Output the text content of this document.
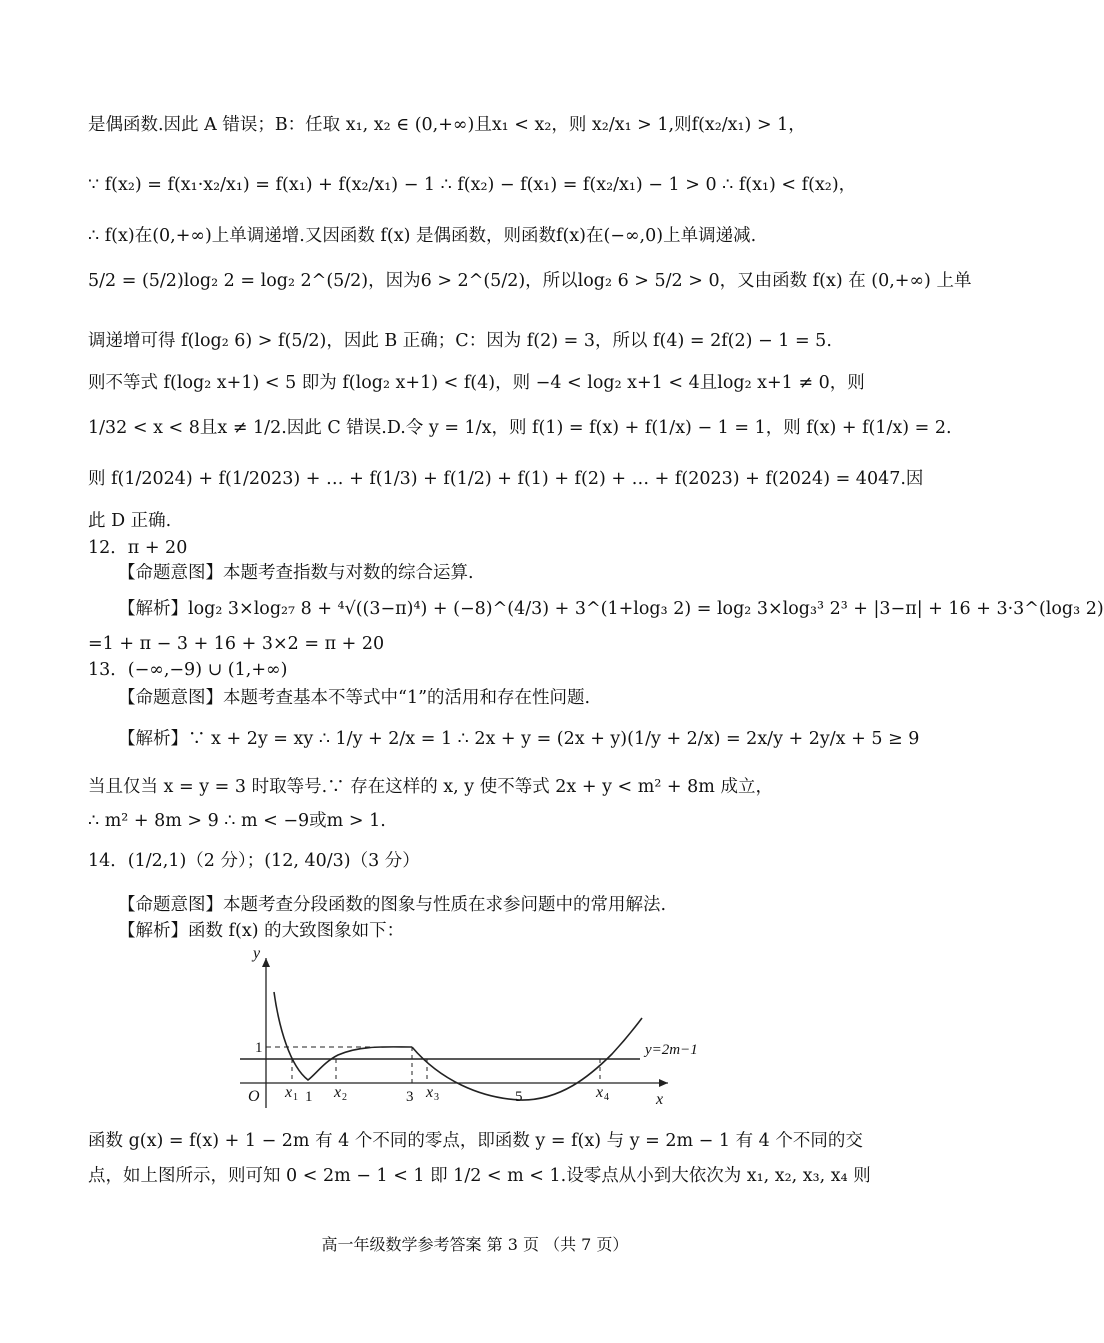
是偶函数.因此 A 错误；B：任取 x₁, x₂ ∈ (0,+∞)且x₁ < x₂，则 x₂/x₁ > 1,则f(x₂/x₁) > 1，
∵ f(x₂) = f(x₁·x₂/x₁) = f(x₁) + f(x₂/x₁) − 1 ∴ f(x₂) − f(x₁) = f(x₂/x₁) − 1 > 0 ∴ f(x₁) < f(x₂)，
∴ f(x)在(0,+∞)上单调递增.又因函数 f(x) 是偶函数，则函数f(x)在(−∞,0)上单调递减.
5/2 = (5/2)log₂ 2 = log₂ 2^(5/2)，因为6 > 2^(5/2)，所以log₂ 6 > 5/2 > 0，又由函数 f(x) 在 (0,+∞) 上单
调递增可得 f(log₂ 6) > f(5/2)，因此 B 正确；C：因为 f(2) = 3，所以 f(4) = 2f(2) − 1 = 5.
则不等式 f(log₂ x+1) < 5 即为 f(log₂ x+1) < f(4)，则 −4 < log₂ x+1 < 4且log₂ x+1 ≠ 0，则
1/32 < x < 8且x ≠ 1/2.因此 C 错误.D.令 y = 1/x，则 f(1) = f(x) + f(1/x) − 1 = 1，则 f(x) + f(1/x) = 2.
则 f(1/2024) + f(1/2023) + … + f(1/3) + f(1/2) + f(1) + f(2) + … + f(2023) + f(2024) = 4047.因
此 D 正确.
12．π + 20
【命题意图】本题考查指数与对数的综合运算.
【解析】log₂ 3×log₂₇ 8 + ⁴√((3−π)⁴) + (−8)^(4/3) + 3^(1+log₃ 2) = log₂ 3×log₃³ 2³ + |3−π| + 16 + 3·3^(log₃ 2)
=1 + π − 3 + 16 + 3×2 = π + 20
13．(−∞,−9) ∪ (1,+∞)
【命题意图】本题考查基本不等式中“1”的活用和存在性问题.
【解析】∵ x + 2y = xy ∴ 1/y + 2/x = 1 ∴ 2x + y = (2x + y)(1/y + 2/x) = 2x/y + 2y/x + 5 ≥ 9
当且仅当 x = y = 3 时取等号.∵ 存在这样的 x, y 使不等式 2x + y < m² + 8m 成立，
∴ m² + 8m > 9 ∴ m < −9或m > 1.
14．(1/2,1)（2 分）；(12, 40/3)（3 分）
【命题意图】本题考查分段函数的图象与性质在求参问题中的常用解法.
【解析】函数 f(x) 的大致图象如下：
函数 g(x) = f(x) + 1 − 2m 有 4 个不同的零点，即函数 y = f(x) 与 y = 2m − 1 有 4 个不同的交
点，如上图所示，则可知 0 < 2m − 1 < 1 即 1/2 < m < 1.设零点从小到大依次为 x₁, x₂, x₃, x₄ 则
y
x
O x 1 x 2	x 3	x 4
y=2m−1
1
1	3	5
高一年级数学参考答案 第 3 页 （共 7 页）
